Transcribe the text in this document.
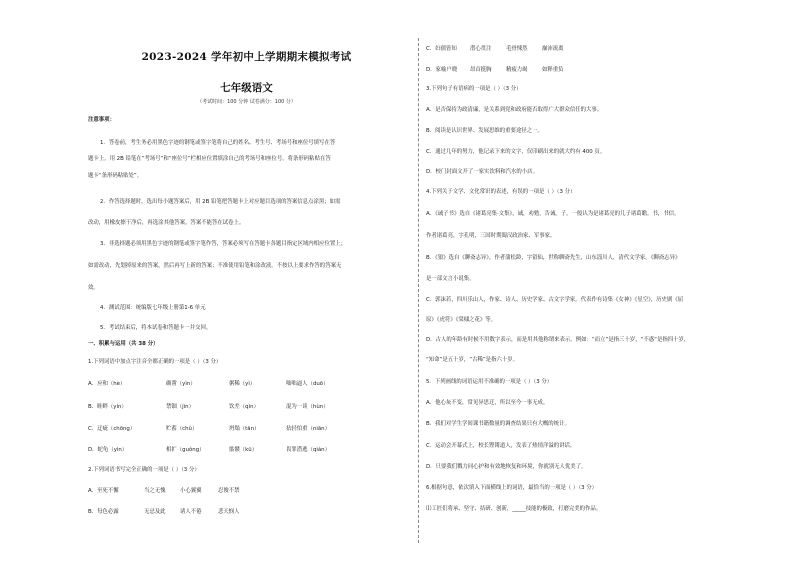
2023-2024 学年初中上学期期末模拟考试
七年级语文
（考试时间：100 分钟 试卷满分：100 分）
注意事项：
1．答卷前，考生务必用黑色字迹的钢笔或签字笔将自己的姓名、考生号、考场号和座位号填写在答
题卡上。用 2B 铅笔在“考场号”和“座位号”栏相应位置填涂自己的考场号和座位号。将条形码粘贴在答
题卡“条形码粘贴处”。
2．作答选择题时，选出每小题答案后，用 2B 铅笔把答题卡上对应题目选项的答案信息点涂黑；如需
改动，用橡皮擦干净后，再选涂其他答案。答案不能答在试卷上。
3．非选择题必须用黑色字迹的钢笔或签字笔作答，答案必须写在答题卡各题目指定区域内相应位置上；
如需改动，先划掉原来的答案，然后再写上新的答案；不准使用铅笔和涂改液。不按以上要求作答的答案无
效。
4．测试范围：统编版七年级上册第1-6 单元
5．考试结束后，将本试卷和答题卡一并交回。
一、积累与运用（共 38 分）
1.下列词语中加点字注音全都正确的一项是（ ）（3 分）
A．应和（hè）	确凿（yìn）	粥稀（yì）	咄咄逼人（duō）
B．畦畔（yín）	禁锢（jìn）	饮差（qìn）	混为一谈（hùn）
C．迂疵（chōng）	贮蓄（chǔ）	坍塌（tān）	拈轻怕重（niān）
D．蛇龟（yìn）	相扩（guǒng）	骷髅（kū）	畏罪潜逃（qián）
2.下列词语书写完全正确的一项是（ ）（3 分）
A．至死不懈	当之无愧	小心翼翼	忍俊不禁
B．每色必露	无忌及此	诸人不倦	悲天悯人
C．妇孺皆知 潜心贯注	毛骨悚然	巅沛流离
D．家喻户晓 昂首挺胸	精疲力竭	如释重负
3.下列句子有语病的一项是（ ）（3 分）
A．是否保持为政清廉，是关系到党和政府能否取得广大群众信任的大事。
B．阅读是认识世界、发展思维的重要途径之一。
C．通过几年的努力，他记录下来的文字，仅印刷出来的就大约有 400 页。
D．校门封面文开了一家实饮料和汽水的小店。
4.下列关于文学、文化常识的表述，有误的一项是（ ）（3 分）
A．《诫子书》选自《诸葛亮集·文集》，诫，劝勉，告诫。子，一般认为是诸葛亮的儿子诸葛瞻。书，书信。
作者诸葛亮，字孔明，三国时期蜀汉政治家、军事家。
B．《狼》选自《聊斋志异》，作者蒲松龄，字留仙，世称聊斋先生，山东淄川人，清代文学家。《聊斋志异》
是一部文言小说集。
C．郭沫若，四川乐山人，作家、诗人、历史学家、古文字学家。代表作有诗集《女神》《星空》，历史剧《屈
原》《虎符》《棠棣之花》等。
D．古人的年龄有时候不用数字表示，而是用其他称谓来表示。例如：“而立”是指三十岁，“不惑”是指四十岁，
“知命”是五十岁，“古稀”是指六十岁。
5．下列画线的词语运用不准确的一项是（ ）（3 分）
A．他心灰不变，常见异思迁，所以至今一事无成。
B．我们对学生学间课书籍数量的调查结果只有大概的统计。
C．运动会开幕式上，校长铿锵道人，发表了热情洋溢的讲话。
D．只要我们戮力同心护和有效地恢复和环境，你就别无人优美了。
6.根据句意，依次填入下面横线上的词语，最恰当的一项是（ ）（3 分）
⑴工匠们将承、坚守、拮研、创新，_____技能的极致，打磨完美的作品。
